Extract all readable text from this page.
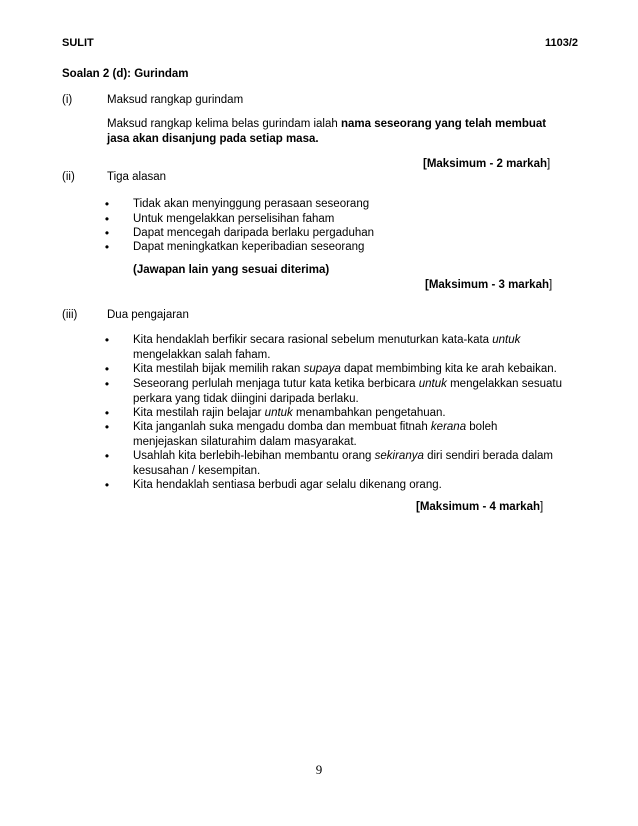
SULIT	1103/2
Soalan 2 (d): Gurindam
(i)	Maksud rangkap gurindam
Maksud rangkap kelima belas gurindam ialah nama seseorang yang telah membuat jasa akan disanjung pada setiap masa.
[Maksimum - 2 markah]
(ii)	Tiga alasan
• Tidak akan menyinggung perasaan seseorang
• Untuk mengelakkan perselisihan faham
• Dapat mencegah daripada berlaku pergaduhan
• Dapat meningkatkan keperibadian seseorang
(Jawapan lain yang sesuai diterima)
[Maksimum - 3 markah]
(iii)	Dua pengajaran
• Kita hendaklah berfikir secara rasional sebelum menuturkan kata-kata untuk
mengelakkan salah faham.
• Kita mestilah bijak memilih rakan supaya dapat membimbing kita ke arah kebaikan.
• Seseorang perlulah menjaga tutur kata ketika berbicara untuk mengelakkan sesuatu
perkara yang tidak diingini daripada berlaku.
• Kita mestilah rajin belajar untuk menambahkan pengetahuan.
• Kita janganlah suka mengadu domba dan membuat fitnah kerana boleh
menjejaskan silaturahim dalam masyarakat.
• Usahlah kita berlebih-lebihan membantu orang sekiranya diri sendiri berada dalam
kesusahan / kesempitan.
• Kita hendaklah sentiasa berbudi agar selalu dikenang orang.
[Maksimum - 4 markah]
9
